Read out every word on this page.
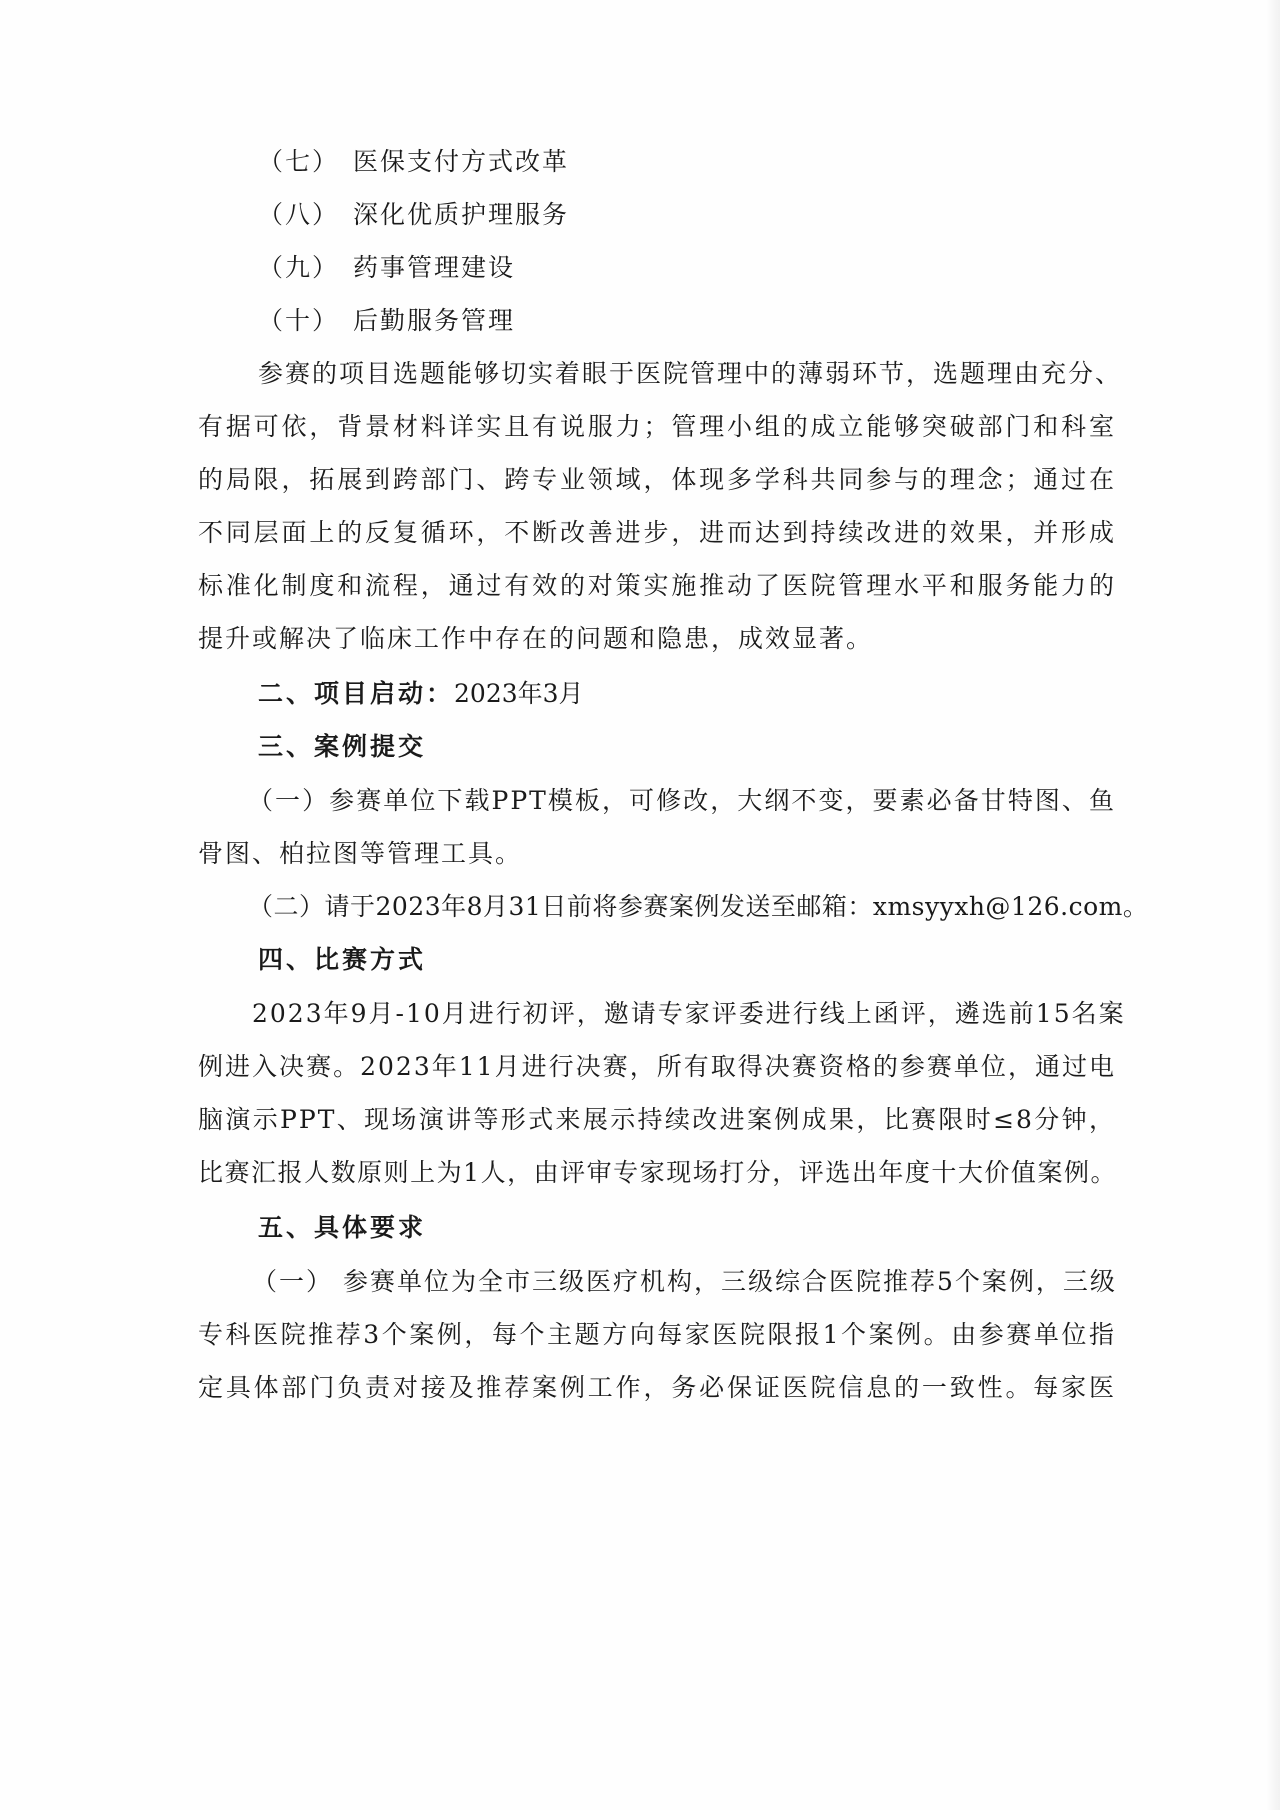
（七） 医保支付方式改革
（八） 深化优质护理服务
（九） 药事管理建设
（十） 后勤服务管理
参赛的项目选题能够切实着眼于医院管理中的薄弱环节，选题理由充分、
有据可依，背景材料详实且有说服力；管理小组的成立能够突破部门和科室
的局限，拓展到跨部门、跨专业领域，体现多学科共同参与的理念；通过在
不同层面上的反复循环，不断改善进步，进而达到持续改进的效果，并形成
标准化制度和流程，通过有效的对策实施推动了医院管理水平和服务能力的
提升或解决了临床工作中存在的问题和隐患，成效显著。
二、项目启动：2023年3月
三、案例提交
（一）参赛单位下载PPT模板，可修改，大纲不变，要素必备甘特图、鱼
骨图、柏拉图等管理工具。
（二）请于2023年8月31日前将参赛案例发送至邮箱：xmsyyxh@126.com。
四、比赛方式
2023年9月-10月进行初评，邀请专家评委进行线上函评，遴选前15名案
例进入决赛。2023年11月进行决赛，所有取得决赛资格的参赛单位，通过电
脑演示PPT、现场演讲等形式来展示持续改进案例成果，比赛限时≤8分钟，
比赛汇报人数原则上为1人，由评审专家现场打分，评选出年度十大价值案例。
五、具体要求
（一） 参赛单位为全市三级医疗机构，三级综合医院推荐5个案例，三级
专科医院推荐3个案例，每个主题方向每家医院限报1个案例。由参赛单位指
定具体部门负责对接及推荐案例工作，务必保证医院信息的一致性。每家医
